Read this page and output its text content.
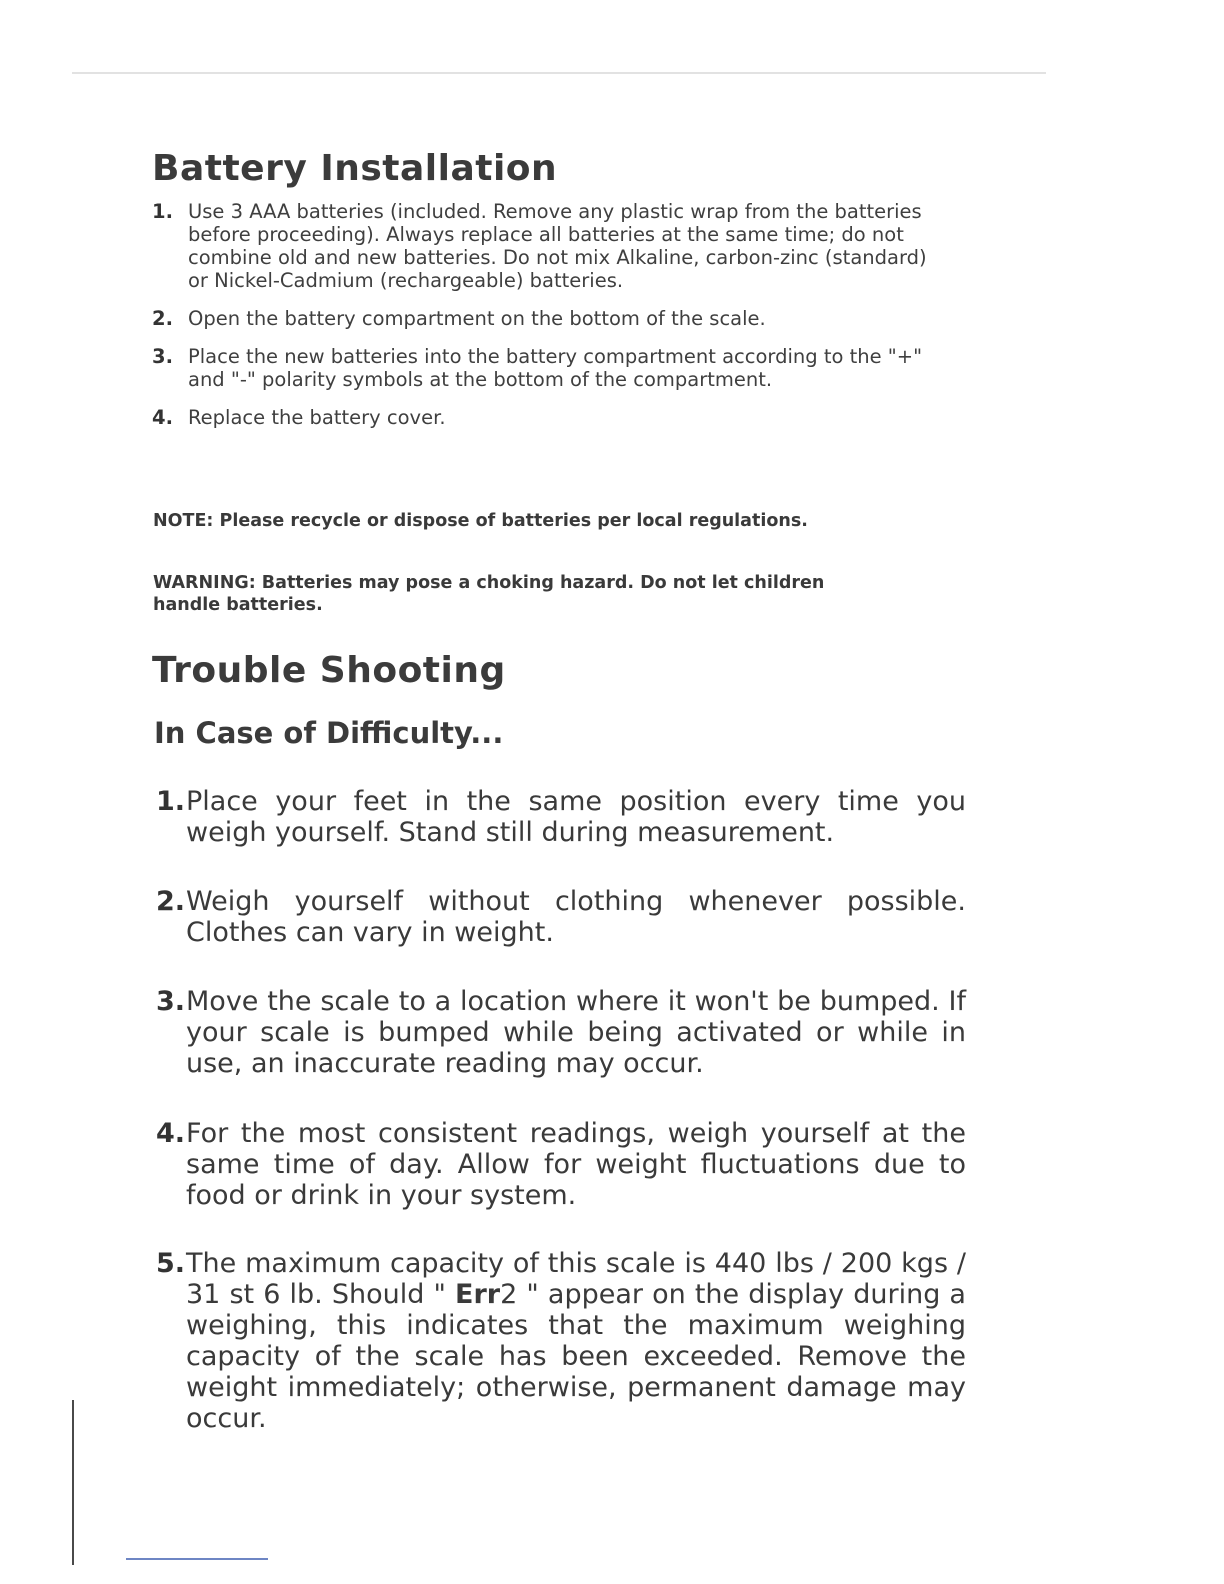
Battery Installation
1. Use 3 AAA batteries (included. Remove any plastic wrap from the batteries before proceeding). Always replace all batteries at the same time; do not combine old and new batteries. Do not mix Alkaline, carbon-zinc (standard) or Nickel-Cadmium (rechargeable) batteries.
2. Open the battery compartment on the bottom of the scale.
3. Place the new batteries into the battery compartment according to the "+" and "-" polarity symbols at the bottom of the compartment.
4. Replace the battery cover.

NOTE: Please recycle or dispose of batteries per local regulations.

WARNING: Batteries may pose a choking hazard. Do not let children handle batteries.

Trouble Shooting
In Case of Difficulty...
1. Place your feet in the same position every time you weigh yourself. Stand still during measurement.
2. Weigh yourself without clothing whenever possible. Clothes can vary in weight.
3. Move the scale to a location where it won't be bumped. If your scale is bumped while being activated or while in use, an inaccurate reading may occur.
4. For the most consistent readings, weigh yourself at the same time of day. Allow for weight fluctuations due to food or drink in your system.
5. The maximum capacity of this scale is 440 lbs / 200 kgs / 31 st 6 lb. Should " Err2 " appear on the display during a weighing, this indicates that the maximum weighing capacity of the scale has been exceeded. Remove the weight immediately; otherwise, permanent damage may occur.
